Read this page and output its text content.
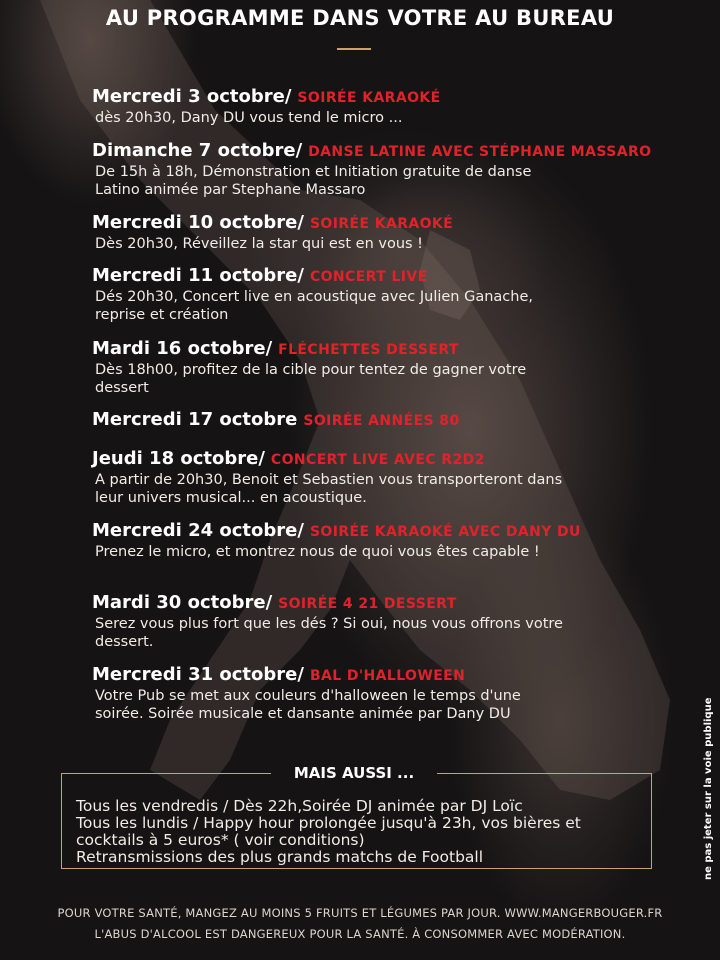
AU PROGRAMME DANS VOTRE AU BUREAU
Mercredi 3 octobre/ SOIRÉE KARAOKÉ
dès 20h30, Dany DU vous tend le micro ...
Dimanche 7 octobre/ DANSE LATINE AVEC STÉPHANE MASSARO
De 15h à 18h, Démonstration et Initiation gratuite de danse Latino animée par Stephane Massaro
Mercredi 10 octobre/ SOIRÉE KARAOKÉ
Dès 20h30, Réveillez la star qui est en vous !
Mercredi 11 octobre/ CONCERT LIVE
Dés 20h30, Concert live en acoustique avec Julien Ganache, reprise et création
Mardi 16 octobre/ FLÉCHETTES DESSERT
Dès 18h00, profitez de la cible pour tentez de gagner votre dessert
Mercredi 17 octobre SOIRÉE ANNÉES 80
Jeudi 18 octobre/ CONCERT LIVE AVEC R2D2
A partir de 20h30, Benoit et Sebastien vous transporteront dans leur univers musical... en acoustique.
Mercredi 24 octobre/ SOIRÉE KARAOKÉ AVEC DANY DU
Prenez le micro, et montrez nous de quoi vous êtes capable !
Mardi 30 octobre/ SOIRÉE 4 21 DESSERT
Serez vous plus fort que les dés ? Si oui, nous vous offrons votre dessert.
Mercredi 31 octobre/ BAL D'HALLOWEEN
Votre Pub se met aux couleurs d'halloween le temps d'une soirée. Soirée musicale et dansante animée par Dany DU
MAIS AUSSI ...
Tous les vendredis / Dès 22h,Soirée DJ animée par DJ Loïc
Tous les lundis / Happy hour prolongée jusqu'à 23h, vos bières et cocktails à 5 euros* ( voir conditions)
Retransmissions des plus grands matchs de Football	ne pas jeter sur la voie publique
POUR VOTRE SANTÉ, MANGEZ AU MOINS 5 FRUITS ET LÉGUMES PAR JOUR. WWW.MANGERBOUGER.FR
L'ABUS D'ALCOOL EST DANGEREUX POUR LA SANTÉ. À CONSOMMER AVEC MODÉRATION.
